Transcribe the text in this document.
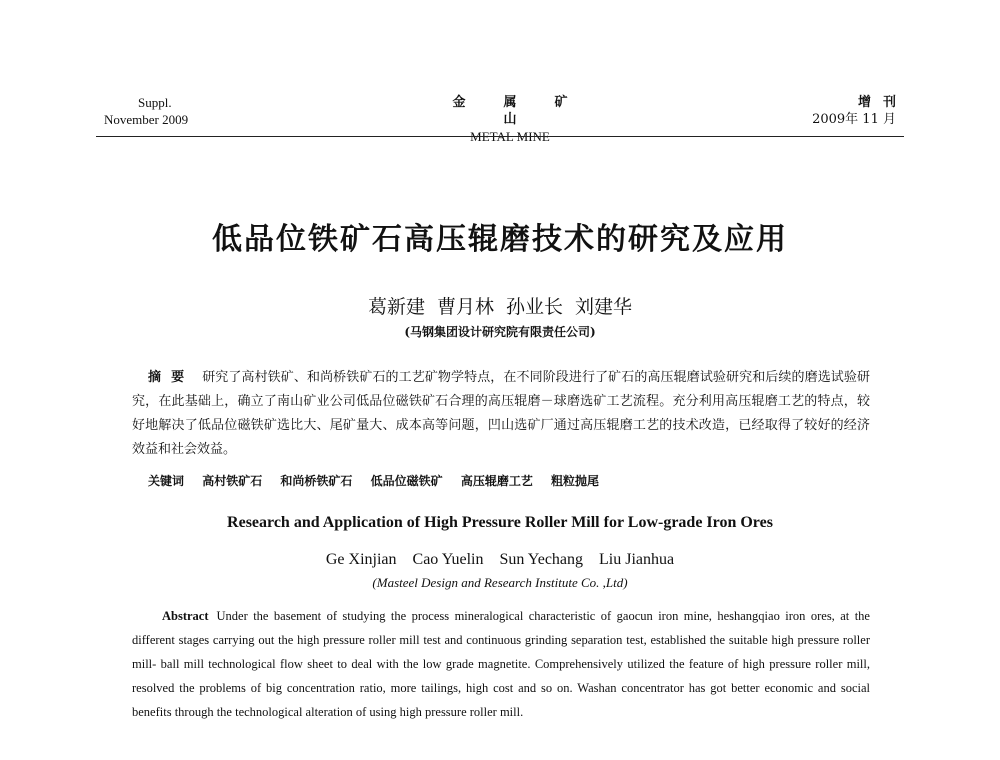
Suppl.
November 2009
金属矿山
METAL MINE
增刊
2009年 11 月
低品位铁矿石高压辊磨技术的研究及应用
葛新建 曹月林 孙业长 刘建华
(马钢集团设计研究院有限责任公司)
摘要 研究了高村铁矿、和尚桥铁矿石的工艺矿物学特点，在不同阶段进行了矿石的高压辊磨试验研究和后续的磨选试验研究，在此基础上，确立了南山矿业公司低品位磁铁矿石合理的高压辊磨－球磨选矿工艺流程。充分利用高压辊磨工艺的特点，较好地解决了低品位磁铁矿选比大、尾矿量大、成本高等问题，凹山选矿厂通过高压辊磨工艺的技术改造，已经取得了较好的经济效益和社会效益。
关键词 高村铁矿石 和尚桥铁矿石 低品位磁铁矿 高压辊磨工艺 粗粒抛尾
Research and Application of High Pressure Roller Mill for Low-grade Iron Ores
Ge Xinjian Cao Yuelin Sun Yechang Liu Jianhua
(Masteel Design and Research Institute Co. ,Ltd)
Abstract Under the basement of studying the process mineralogical characteristic of gaocun iron mine, heshangqiao iron ores, at the different stages carrying out the high pressure roller mill test and continuous grinding separation test, established the suitable high pressure roller mill- ball mill technological flow sheet to deal with the low grade magnetite. Comprehensively utilized the feature of high pressure roller mill, resolved the problems of big concentration ratio, more tailings, high cost and so on. Washan concentrator has got better economic and social benefits through the technological alteration of using high pressure roller mill.
